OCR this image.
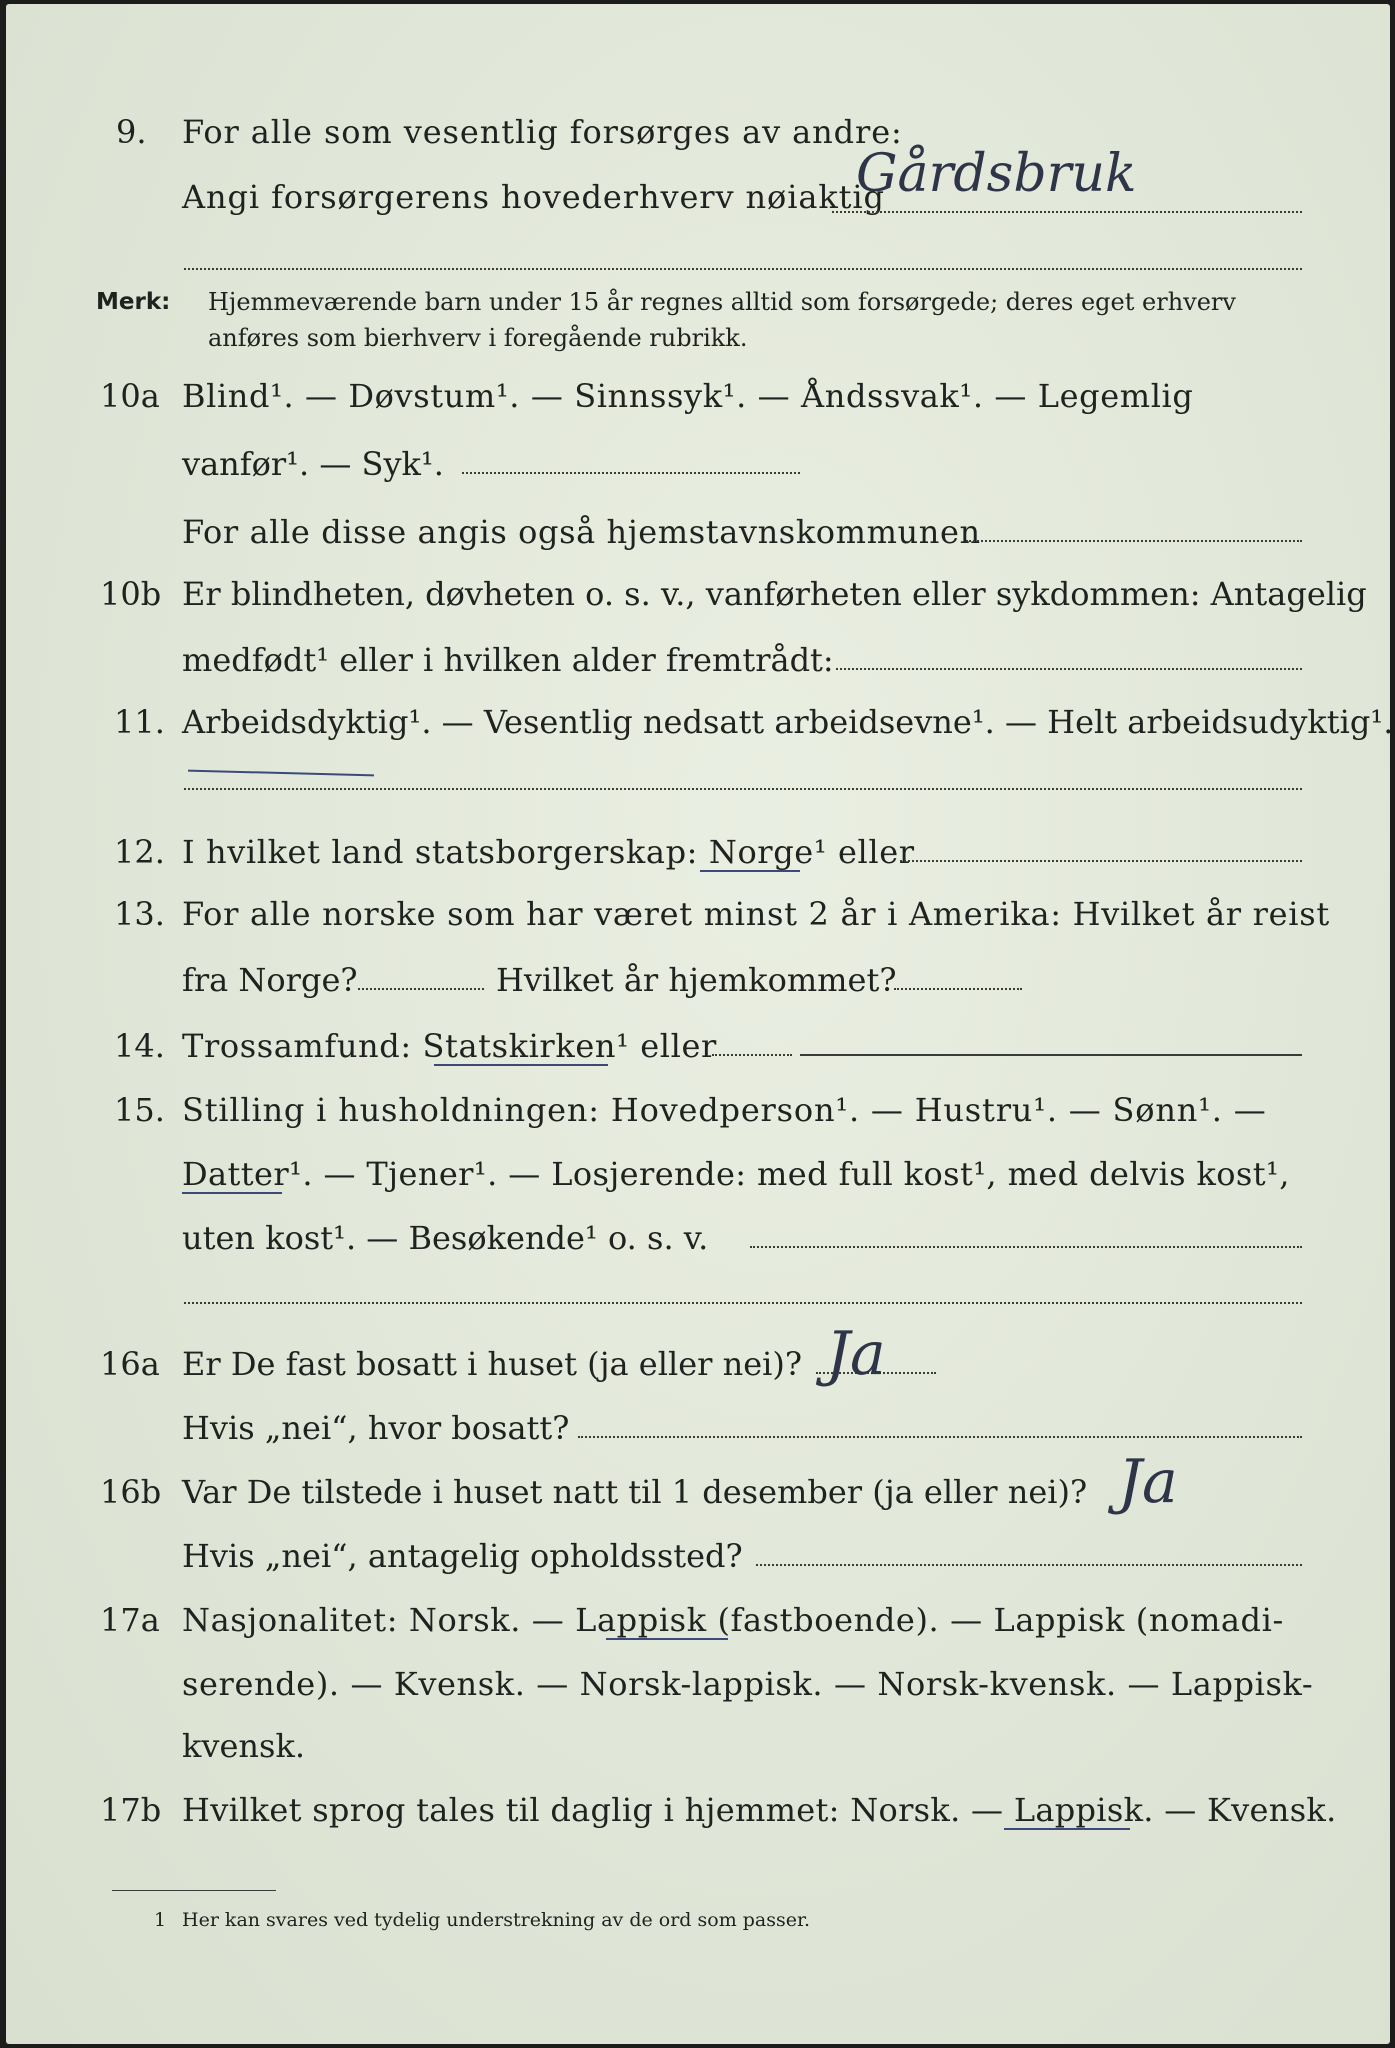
9. For alle som vesentlig forsørges av andre:
Angi forsørgerens hovederhverv nøiaktig
Gårdsbruk
Merk: Hjemmeværende barn under 15 år regnes alltid som forsørgede; deres eget erhverv
anføres som bierhverv i foregående rubrikk.
10a Blind¹. — Døvstum¹. — Sinnssyk¹. — Åndssvak¹. — Legemlig
vanfør¹. — Syk¹.
For alle disse angis også hjemstavnskommunen
10b Er blindheten, døvheten o. s. v., vanførheten eller sykdommen: Antagelig
medfødt¹ eller i hvilken alder fremtrådt:
11. Arbeidsdyktig¹. — Vesentlig nedsatt arbeidsevne¹. — Helt arbeidsudyktig¹.
12. I hvilket land statsborgerskap: Norge¹ eller
13. For alle norske som har været minst 2 år i Amerika: Hvilket år reist
fra Norge?	Hvilket år hjemkommet?
14. Trossamfund: Statskirken¹ eller
15. Stilling i husholdningen: Hovedperson¹. — Hustru¹. — Sønn¹. —
Datter¹. — Tjener¹. — Losjerende: med full kost¹, med delvis kost¹,
uten kost¹. — Besøkende¹ o. s. v.
16a Er De fast bosatt i huset (ja eller nei)? Ja
Hvis „nei“, hvor bosatt?
16b Var De tilstede i huset natt til 1 desember (ja eller nei)? Ja
Hvis „nei“, antagelig opholdssted?
17a Nasjonalitet: Norsk. — Lappisk (fastboende). — Lappisk (nomadi-
serende). — Kvensk. — Norsk-lappisk. — Norsk-kvensk. — Lappisk-
kvensk.
17b Hvilket sprog tales til daglig i hjemmet: Norsk. — Lappisk. — Kvensk.
1 Her kan svares ved tydelig understrekning av de ord som passer.
